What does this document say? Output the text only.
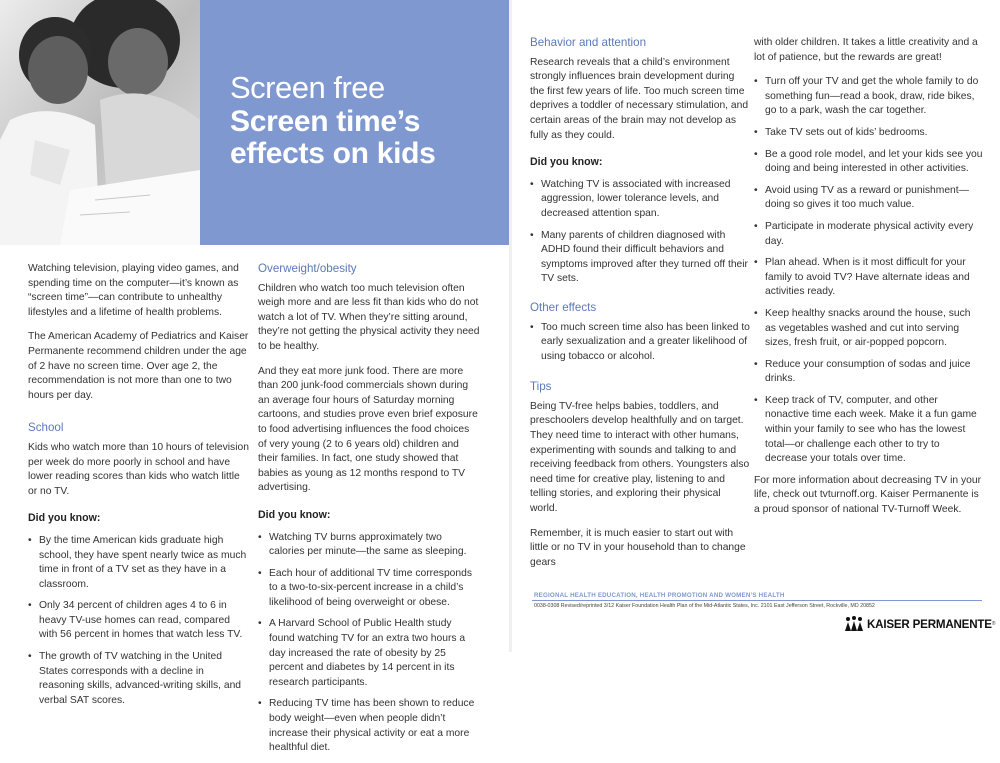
Screen free
Screen time’s effects on kids

Watching television, playing video games, and spending time on the computer—it’s known as “screen time”—can contribute to unhealthy lifestyles and a lifetime of health problems.

The American Academy of Pediatrics and Kaiser Permanente recommend children under the age of 2 have no screen time. Over age 2, the recommendation is not more than one to two hours per day.

School

Kids who watch more than 10 hours of television per week do more poorly in school and have lower reading scores than kids who watch little or no TV.

Did you know:
• By the time American kids graduate high school, they have spent nearly twice as much time in front of a TV set as they have in a classroom.
• Only 34 percent of children ages 4 to 6 in heavy TV-use homes can read, compared with 56 percent in homes that watch less TV.
• The growth of TV watching in the United States corresponds with a decline in reasoning skills, advanced-writing skills, and verbal SAT scores.
Overweight/obesity

Children who watch too much television often weigh more and are less fit than kids who do not watch a lot of TV. When they’re sitting around, they’re not getting the physical activity they need to be healthy.

And they eat more junk food. There are more than 200 junk-food commercials shown during an average four hours of Saturday morning cartoons, and studies prove even brief exposure to food advertising influences the food choices of very young (2 to 6 years old) children and their families. In fact, one study showed that babies as young as 12 months respond to TV advertising.

Did you know:
• Watching TV burns approximately two calories per minute—the same as sleeping.
• Each hour of additional TV time corresponds to a two-to-six-percent increase in a child’s likelihood of being overweight or obese.
• A Harvard School of Public Health study found watching TV for an extra two hours a day increased the rate of obesity by 25 percent and diabetes by 14 percent in its research participants.
• Reducing TV time has been shown to reduce body weight—even when people didn’t increase their physical activity or eat a more healthful diet.
Behavior and attention

Research reveals that a child’s environment strongly influences brain development during the first few years of life. Too much screen time deprives a toddler of necessary stimulation, and certain areas of the brain may not develop as fully as they could.

Did you know:
• Watching TV is associated with increased aggression, lower tolerance levels, and decreased attention span.
• Many parents of children diagnosed with ADHD found their difficult behaviors and symptoms improved after they turned off their TV sets.
Other effects
• Too much screen time also has been linked to early sexualization and a greater likelihood of using tobacco or alcohol.
Tips

Being TV-free helps babies, toddlers, and preschoolers develop healthfully and on target. They need time to interact with other humans, experimenting with sounds and talking to and receiving feedback from others. Youngsters also need time for creative play, listening to and telling stories, and exploring their physical world.

Remember, it is much easier to start out with little or no TV in your household than to change gears

with older children. It takes a little creativity and a lot of patience, but the rewards are great!

• Turn off your TV and get the whole family to do something fun—read a book, draw, ride bikes, go to a park, wash the car together.
• Take TV sets out of kids’ bedrooms.
• Be a good role model, and let your kids see you doing and being interested in other activities.
• Avoid using TV as a reward or punishment—doing so gives it too much value.
• Participate in moderate physical activity every day.
• Plan ahead. When is it most difficult for your family to avoid TV? Have alternate ideas and activities ready.
• Keep healthy snacks around the house, such as vegetables washed and cut into serving sizes, fresh fruit, or air-popped popcorn.
• Reduce your consumption of sodas and juice drinks.
• Keep track of TV, computer, and other nonactive time each week. Make it a fun game within your family to see who has the lowest total—or challenge each other to try to decrease your totals over time.

For more information about decreasing TV in your life, check out tvturnoff.org. Kaiser Permanente is a proud sponsor of national TV-Turnoff Week.

REGIONAL HEALTH EDUCATION, HEALTH PROMOTION AND WOMEN’S HEALTH
0038-0308 Revised/reprinted 3/12 Kaiser Foundation Health Plan of the Mid-Atlantic States, Inc. 2101 East Jefferson Street, Rockville, MD 20852
KAISER PERMANENTE ®
